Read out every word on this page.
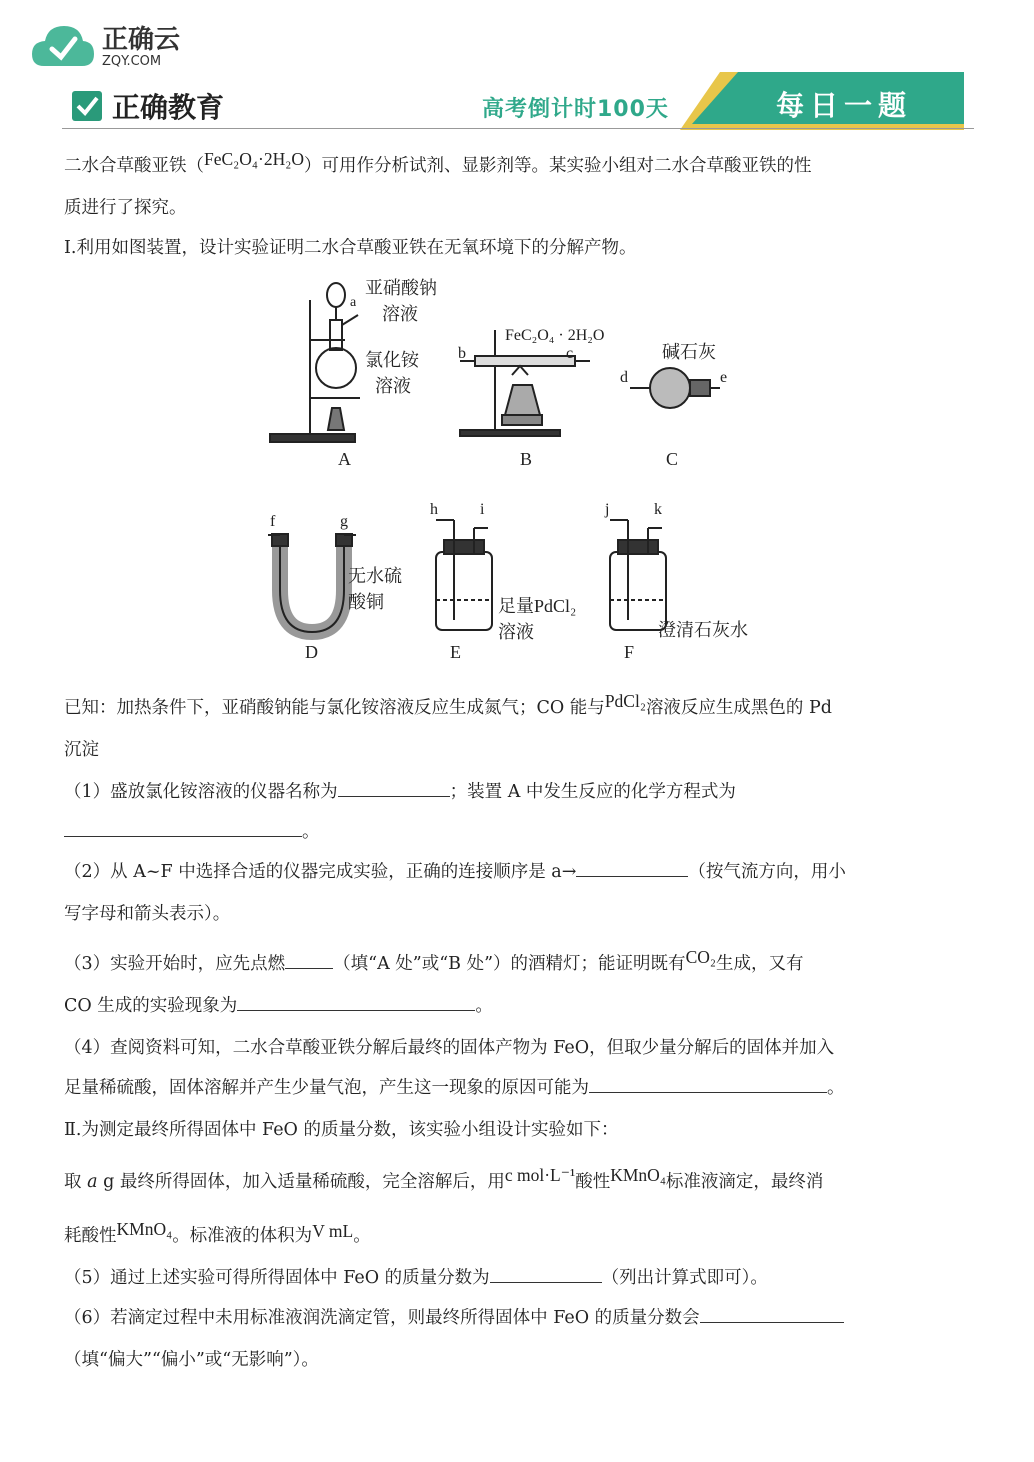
正确云
ZQY.COM
正确教育	高考倒计时100天	每日一题
二水合草酸亚铁（FeC₂O₄·2H₂O）可用作分析试剂、显影剂等。某实验小组对二水合草酸亚铁的性
质进行了探究。
Ⅰ.利用如图装置，设计实验证明二水合草酸亚铁在无氧环境下的分解产物。
已知：加热条件下，亚硝酸钠能与氯化铵溶液反应生成氮气；CO 能与PdCl₂溶液反应生成黑色的 Pd
沉淀
（1）盛放氯化铵溶液的仪器名称为	；装置 A 中发生反应的化学方程式为
。
（2）从 A~F 中选择合适的仪器完成实验，正确的连接顺序是 a→	（按气流方向，用小
写字母和箭头表示）。
（3）实验开始时，应先点燃	（填“A 处”或“B 处”）的酒精灯；能证明既有CO₂生成，又有
CO 生成的实验现象为	。
（4）查阅资料可知，二水合草酸亚铁分解后最终的固体产物为 FeO，但取少量分解后的固体并加入
足量稀硫酸，固体溶解并产生少量气泡，产生这一现象的原因可能为	。
Ⅱ.为测定最终所得固体中 FeO 的质量分数，该实验小组设计实验如下：
取 a g 最终所得固体，加入适量稀硫酸，完全溶解后，用c mol·L⁻¹酸性KMnO₄标准液滴定，最终消
耗酸性KMnO₄。标准液的体积为V mL。
（5）通过上述实验可得所得固体中 FeO 的质量分数为	（列出计算式即可）。
（6）若滴定过程中未用标准液润洗滴定管，则最终所得固体中 FeO 的质量分数会
（填“偏大”“偏小”或“无影响”）。
亚硝酸钠
溶液
a
氯化铵
溶液
A
FeC₂O₄ · 2H₂O
b	c
B
碱石灰
d	e
C
f	g
无水硫
酸铜
D
h	i
足量PdCl₂
溶液
E
j	k
澄清石灰水
F
